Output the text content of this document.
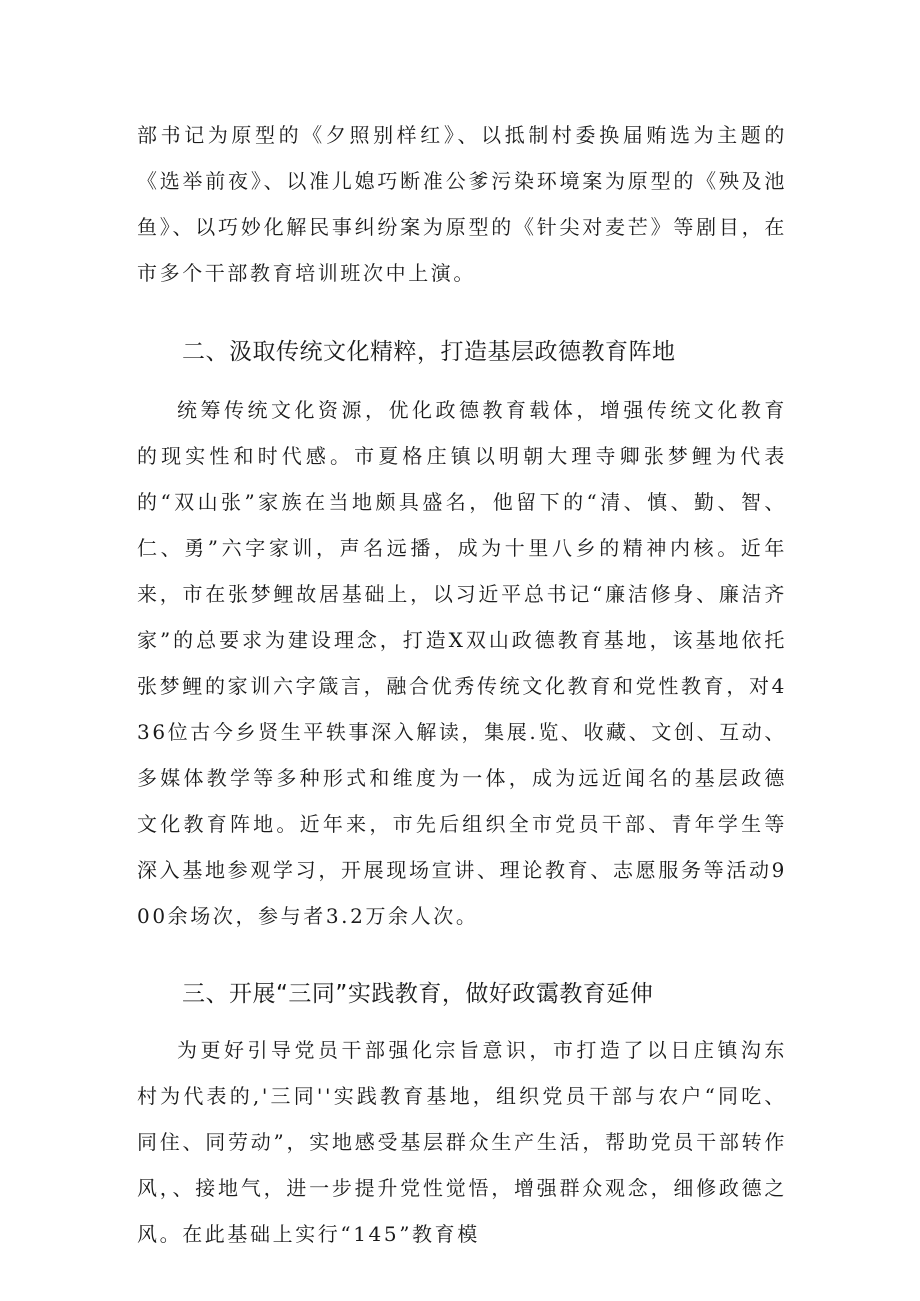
部书记为原型的《夕照别样红》、以抵制村委换届贿选为主题的《选举前夜》、以准儿媳巧断准公爹污染环境案为原型的《殃及池鱼》、以巧妙化解民事纠纷案为原型的《针尖对麦芒》等剧目，在市多个干部教育培训班次中上演。

二、汲取传统文化精粹，打造基层政德教育阵地

统筹传统文化资源，优化政德教育载体，增强传统文化教育的现实性和时代感。市夏格庄镇以明朝大理寺卿张梦鲤为代表的“双山张”家族在当地颇具盛名，他留下的“清、慎、勤、智、仁、勇”六字家训，声名远播，成为十里八乡的精神内核。近年来，市在张梦鲤故居基础上，以习近平总书记“廉洁修身、廉洁齐家”的总要求为建设理念，打造X双山政德教育基地，该基地依托张梦鲤的家训六字箴言，融合优秀传统文化教育和党性教育，对436位古今乡贤生平轶事深入解读，集展.览、收藏、文创、互动、多媒体教学等多种形式和维度为一体，成为远近闻名的基层政德文化教育阵地。近年来，市先后组织全市党员干部、青年学生等深入基地参观学习，开展现场宣讲、理论教育、志愿服务等活动900余场次，参与者3.2万余人次。

三、开展“三同”实践教育，做好政霭教育延伸

为更好引导党员干部强化宗旨意识，市打造了以日庄镇沟东村为代表的,'三同''实践教育基地，组织党员干部与农户“同吃、同住、同劳动”，实地感受基层群众生产生活，帮助党员干部转作风，、接地气，进一步提升党性觉悟，增强群众观念，细修政德之风。在此基础上实行“145”教育模
